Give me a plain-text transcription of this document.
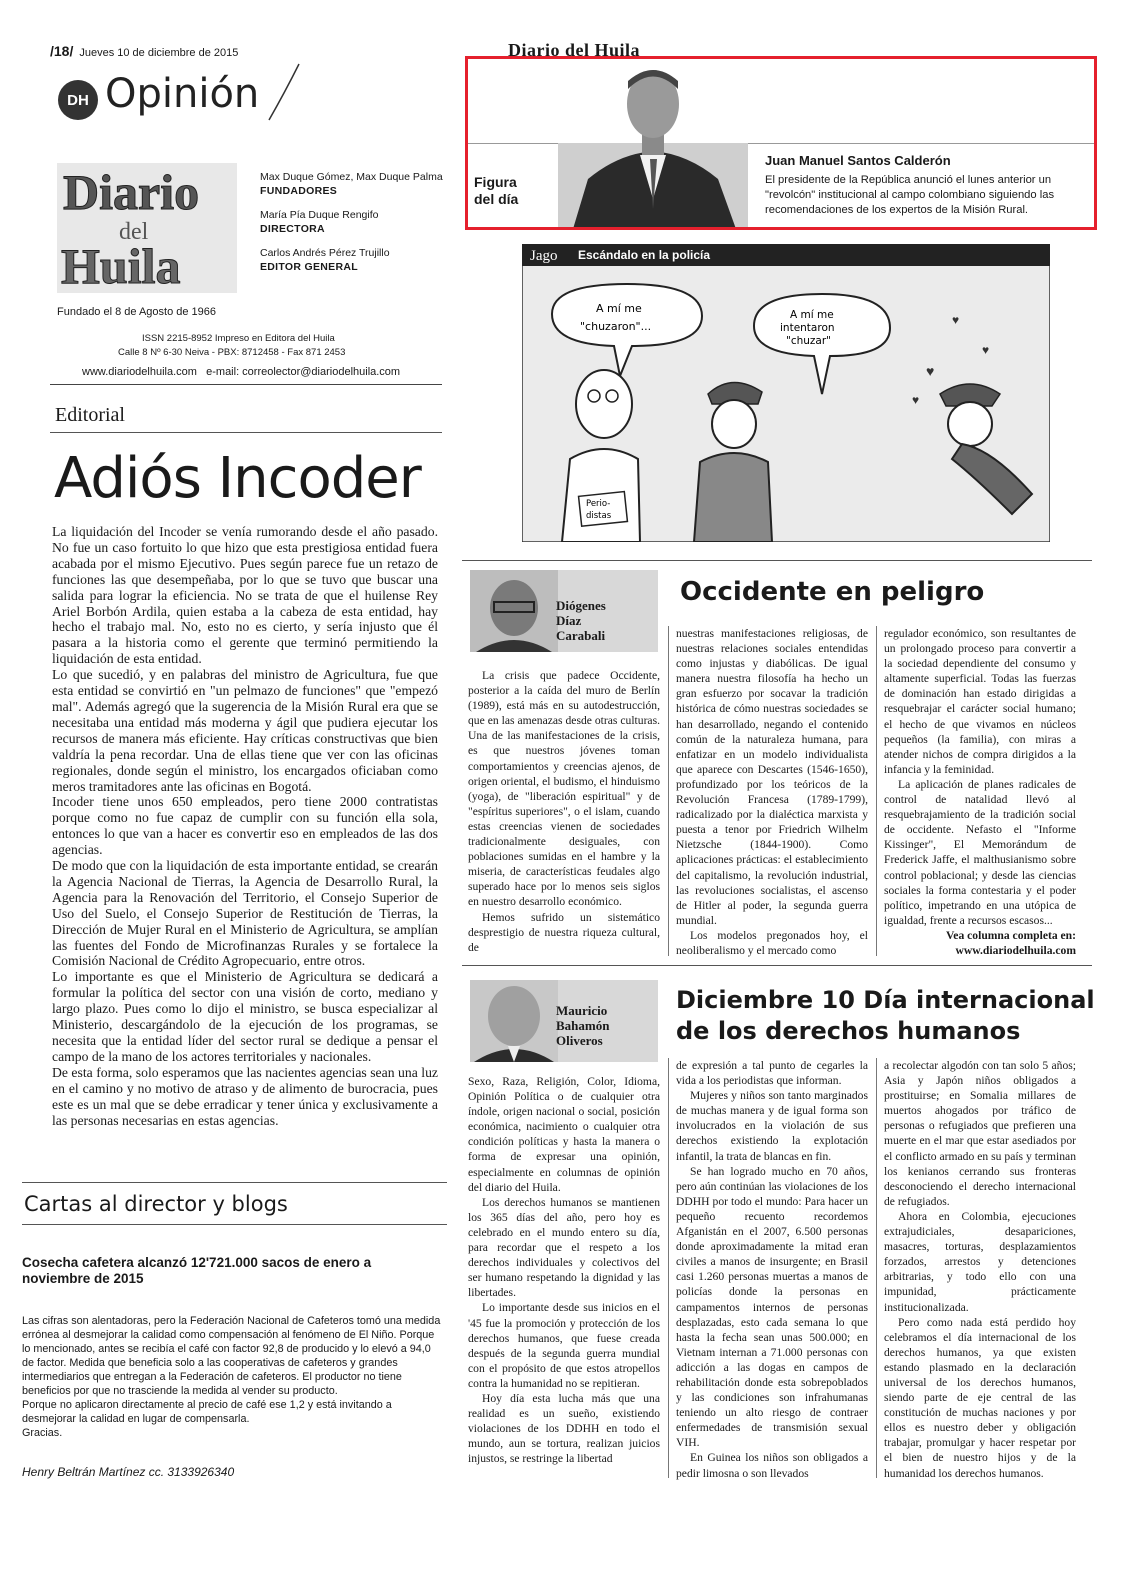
/18/ Jueves 10 de diciembre de 2015	Diario del Huila
DH Opinión
Figura
del día
Juan Manuel Santos Calderón
El presidente de la República anunció el lunes anterior un "revolcón" institucional al campo colombiano siguiendo las recomendaciones de los expertos de la Misión Rural.
Diario
del
Huila
Max Duque Gómez, Max Duque Palma
FUNDADORES
María Pía Duque Rengifo
DIRECTORA
Carlos Andrés Pérez Trujillo
EDITOR GENERAL
Fundado el 8 de Agosto de 1966
ISSN 2215-8952 Impreso en Editora del Huila
Calle 8 Nº 6-30 Neiva - PBX: 8712458 - Fax 871 2453
www.diariodelhuila.com e-mail: correolector@diariodelhuila.com
Editorial
Adiós Incoder

La liquidación del Incoder se venía rumorando desde el año pasado. No fue un caso fortuito lo que hizo que esta prestigiosa entidad fuera acabada por el mismo Ejecutivo. Pues según parece fue un retazo de funciones las que desempeñaba, por lo que se tuvo que buscar una salida para lograr la eficiencia. No se trata de que el huilense Rey Ariel Borbón Ardila, quien estaba a la cabeza de esta entidad, hay hecho el trabajo mal. No, esto no es cierto, y sería injusto que él pasara a la historia como el gerente que terminó permitiendo la liquidación de esta entidad.

Lo que sucedió, y en palabras del ministro de Agricultura, fue que esta entidad se convirtió en "un pelmazo de funciones" que "empezó mal". Además agregó que la sugerencia de la Misión Rural era que se necesitaba una entidad más moderna y ágil que pudiera ejecutar los recursos de manera más eficiente. Hay críticas constructivas que bien valdría la pena recordar. Una de ellas tiene que ver con las oficinas regionales, donde según el ministro, los encargados oficiaban como meros tramitadores ante las oficinas en Bogotá.

Incoder tiene unos 650 empleados, pero tiene 2000 contratistas porque como no fue capaz de cumplir con su función ella sola, entonces lo que van a hacer es convertir eso en empleados de las dos agencias.

De modo que con la liquidación de esta importante entidad, se crearán la Agencia Nacional de Tierras, la Agencia de Desarrollo Rural, la Agencia para la Renovación del Territorio, el Consejo Superior de Uso del Suelo, el Consejo Superior de Restitución de Tierras, la Dirección de Mujer Rural en el Ministerio de Agricultura, se amplían las fuentes del Fondo de Microfinanzas Rurales y se fortalece la Comisión Nacional de Crédito Agropecuario, entre otros.

Lo importante es que el Ministerio de Agricultura se dedicará a formular la política del sector con una visión de corto, mediano y largo plazo. Pues como lo dijo el ministro, se busca especializar al Ministerio, descargándolo de la ejecución de los programas, se necesita que la entidad líder del sector rural se dedique a pensar el campo de la mano de los actores territoriales y nacionales.

De esta forma, solo esperamos que las nacientes agencias sean una luz en el camino y no motivo de atraso y de alimento de burocracia, pues este es un mal que se debe erradicar y tener única y exclusivamente a las personas necesarias en estas agencias.

Cartas al director y blogs
Cosecha cafetera alcanzó 12'721.000 sacos de enero a noviembre de 2015

Las cifras son alentadoras, pero la Federación Nacional de Cafeteros tomó una medida errónea al desmejorar la calidad como compensación al fenómeno de El Niño. Porque lo mencionado, antes se recibía el café con factor 92,8 de producido y lo elevó a 94,0 de factor. Medida que beneficia solo a las cooperativas de cafeteros y grandes intermediarios que entregan a la Federación de cafeteros. El productor no tiene beneficios por que no trasciende la medida al vender su producto.

Porque no aplicaron directamente al precio de café ese 1,2 y está invitando a desmejorar la calidad en lugar de compensarla.

Gracias.

Henry Beltrán Martínez cc. 3133926340
Jago Escándalo en la policía
A mí me
"chuzaron"...
A mí me
intentaron
"chuzar"
Perio-
distas
♥
♥
♥
♥
Diógenes
Díaz
Carabali
Occidente en peligro

La crisis que padece Occidente, posterior a la caída del muro de Berlín (1989), está más en su autodestrucción, que en las amenazas desde otras culturas. Una de las manifestaciones de la crisis, es que nuestros jóvenes toman comportamientos y creencias ajenos, de origen oriental, el budismo, el hinduismo (yoga), de "liberación espiritual" y de "espíritus superiores", o el islam, cuando estas creencias vienen de sociedades tradicionalmente desiguales, con poblaciones sumidas en el hambre y la miseria, de características feudales algo superado hace por lo menos seis siglos en nuestro desarrollo económico.

Hemos sufrido un sistemático desprestigio de nuestra riqueza cultural, de

nuestras manifestaciones religiosas, de nuestras relaciones sociales entendidas como injustas y diabólicas. De igual manera nuestra filosofía ha hecho un gran esfuerzo por socavar la tradición histórica de cómo nuestras sociedades se han desarrollado, negando el contenido común de la naturaleza humana, para enfatizar en un modelo individualista que aparece con Descartes (1546-1650), profundizado por los teóricos de la Revolución Francesa (1789-1799), radicalizado por la dialéctica marxista y puesta a tenor por Friedrich Wilhelm Nietzsche (1844-1900). Como aplicaciones prácticas: el establecimiento del capitalismo, la revolución industrial, las revoluciones socialistas, el ascenso de Hitler al poder, la segunda guerra mundial.

Los modelos pregonados hoy, el neoliberalismo y el mercado como

regulador económico, son resultantes de un prolongado proceso para convertir a la sociedad dependiente del consumo y altamente superficial. Todas las fuerzas de dominación han estado dirigidas a resquebrajar el carácter social humano; el hecho de que vivamos en núcleos pequeños (la familia), con miras a atender nichos de compra dirigidos a la infancia y la feminidad.

La aplicación de planes radicales de control de natalidad llevó al resquebrajamiento de la tradición social de occidente. Nefasto el "Informe Kissinger", El Memorándum de Frederick Jaffe, el malthusianismo sobre control poblacional; y desde las ciencias sociales la forma contestaria y el poder político, impetrando en una utópica de igualdad, frente a recursos escasos...

Vea columna completa en:
www.diariodelhuila.com
Mauricio
Bahamón
Oliveros
Diciembre 10 Día internacional de los derechos humanos

Sexo, Raza, Religión, Color, Idioma, Opinión Política o de cualquier otra índole, origen nacional o social, posición económica, nacimiento o cualquier otra condición políticas y hasta la manera o forma de expresar una opinión, especialmente en columnas de opinión del diario del Huila.

Los derechos humanos se mantienen los 365 días del año, pero hoy es celebrado en el mundo entero su día, para recordar que el respeto a los derechos individuales y colectivos del ser humano respetando la dignidad y las libertades.

Lo importante desde sus inicios en el '45 fue la promoción y protección de los derechos humanos, que fuese creada después de la segunda guerra mundial con el propósito de que estos atropellos contra la humanidad no se repitieran.

Hoy día esta lucha más que una realidad es un sueño, existiendo violaciones de los DDHH en todo el mundo, aun se tortura, realizan juicios injustos, se restringe la libertad

de expresión a tal punto de cegarles la vida a los periodistas que informan.

Mujeres y niños son tanto marginados de muchas manera y de igual forma son involucrados en la violación de sus derechos existiendo la explotación infantil, la trata de blancas en fin.

Se han logrado mucho en 70 años, pero aún continúan las violaciones de los DDHH por todo el mundo: Para hacer un pequeño recuento recordemos Afganistán en el 2007, 6.500 personas donde aproximadamente la mitad eran civiles a manos de insurgente; en Brasil casi 1.260 personas muertas a manos de policías donde la personas en campamentos internos de personas desplazadas, esto cada semana lo que hasta la fecha sean unas 500.000; en Vietnam internan a 71.000 personas con adicción a las dogas en campos de rehabilitación donde esta sobrepoblados y las condiciones son infrahumanas teniendo un alto riesgo de contraer enfermedades de transmisión sexual VIH.

En Guinea los niños son obligados a pedir limosna o son llevados

a recolectar algodón con tan solo 5 años; Asia y Japón niños obligados a prostituirse; en Somalia millares de muertos ahogados por tráfico de personas o refugiados que prefieren una muerte en el mar que estar asediados por el conflicto armado en su país y terminan los kenianos cerrando sus fronteras desconociendo el derecho internacional de refugiados.

Ahora en Colombia, ejecuciones extrajudiciales, desapariciones, masacres, torturas, desplazamientos forzados, arrestos y detenciones arbitrarias, y todo ello con una impunidad, prácticamente institucionalizada.

Pero como nada está perdido hoy celebramos el día internacional de los derechos humanos, ya que existen estando plasmado en la declaración universal de los derechos humanos, siendo parte de eje central de las constitución de muchas naciones y por ellos es nuestro deber y obligación trabajar, promulgar y hacer respetar por el bien de nuestro hijos y de la humanidad los derechos humanos.
